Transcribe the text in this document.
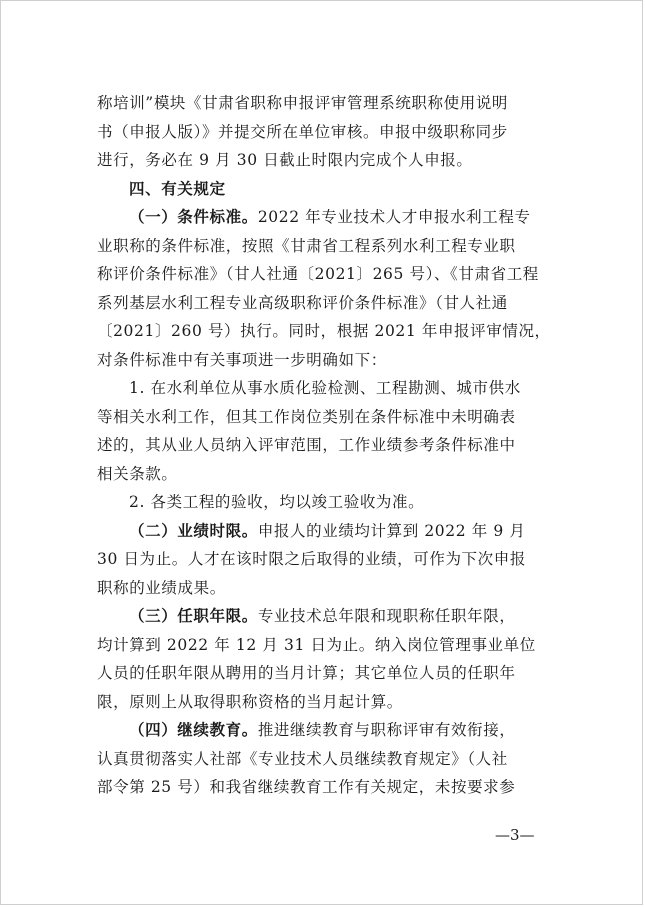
称培训”模块《甘肃省职称申报评审管理系统职称使用说明
书（申报人版）》并提交所在单位审核。申报中级职称同步
进行，务必在 9 月 30 日截止时限内完成个人申报。
四、有关规定
（一）条件标准。2022 年专业技术人才申报水利工程专
业职称的条件标准，按照《甘肃省工程系列水利工程专业职
称评价条件标准》（甘人社通〔2021〕265 号）、《甘肃省工程
系列基层水利工程专业高级职称评价条件标准》（甘人社通
〔2021〕260 号）执行。同时，根据 2021 年申报评审情况，
对条件标准中有关事项进一步明确如下：
1. 在水利单位从事水质化验检测、工程勘测、城市供水
等相关水利工作，但其工作岗位类别在条件标准中未明确表
述的，其从业人员纳入评审范围，工作业绩参考条件标准中
相关条款。
2. 各类工程的验收，均以竣工验收为准。
（二）业绩时限。申报人的业绩均计算到 2022 年 9 月
30 日为止。人才在该时限之后取得的业绩，可作为下次申报
职称的业绩成果。
（三）任职年限。专业技术总年限和现职称任职年限，
均计算到 2022 年 12 月 31 日为止。纳入岗位管理事业单位
人员的任职年限从聘用的当月计算；其它单位人员的任职年
限，原则上从取得职称资格的当月起计算。
（四）继续教育。推进继续教育与职称评审有效衔接，
认真贯彻落实人社部《专业技术人员继续教育规定》（人社
部令第 25 号）和我省继续教育工作有关规定，未按要求参
—3—
